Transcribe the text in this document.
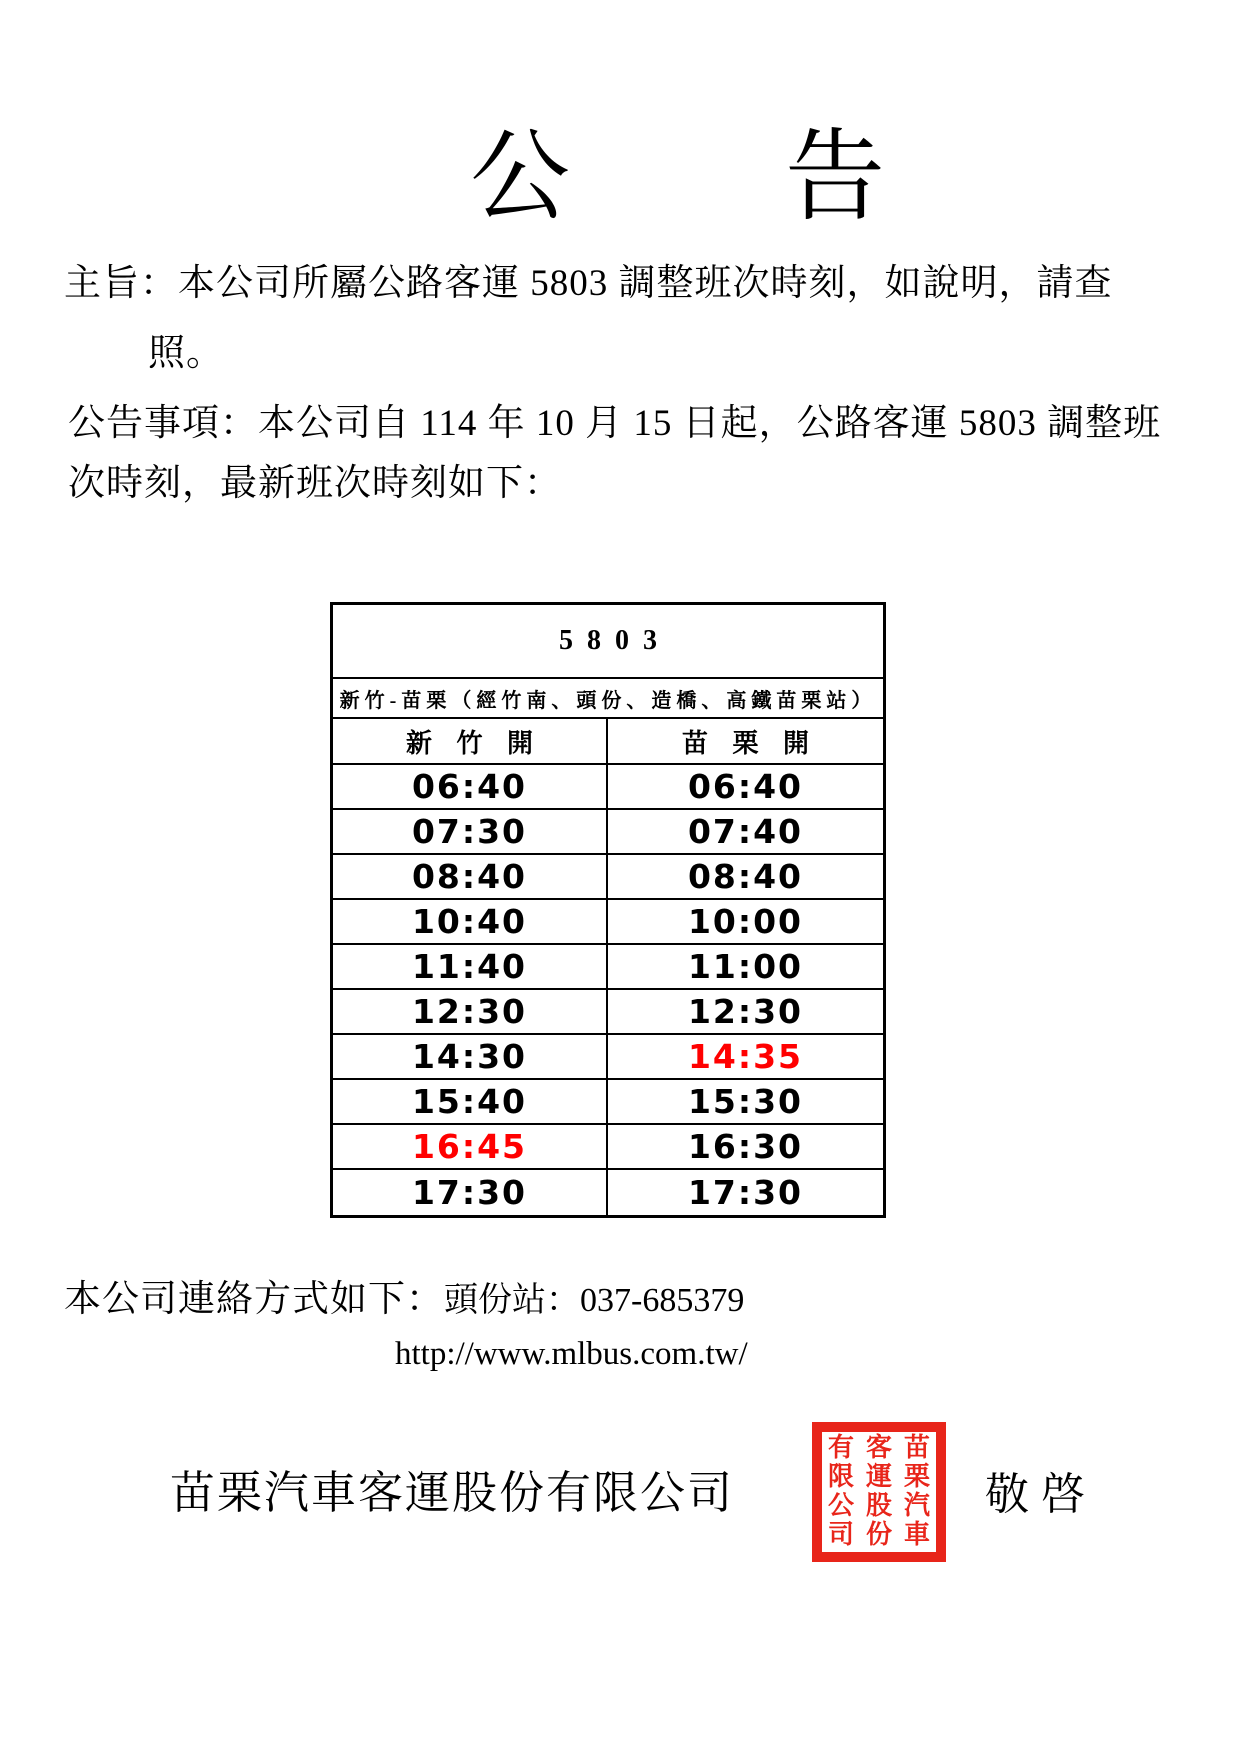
公 告
主旨：本公司所屬公路客運 5803 調整班次時刻，如說明，請查
照。
公告事項：本公司自 114 年 10 月 15 日起，公路客運 5803 調整班
次時刻，最新班次時刻如下：
5803
新竹-苗栗（經竹南、頭份、造橋、高鐵苗栗站）
新 竹 開	苗 栗 開
06:40	06:40
07:30	07:40
08:40	08:40
10:40	10:00
11:40	11:00
12:30	12:30
14:30	14:35
15:40	15:30
16:45	16:30
17:30	17:30
本公司連絡方式如下：頭份站：037-685379
http://www.mlbus.com.tw/
苗栗汽車客運股份有限公司
有
限
公
司
客
運
股
份
苗
栗
汽
車
敬啓
